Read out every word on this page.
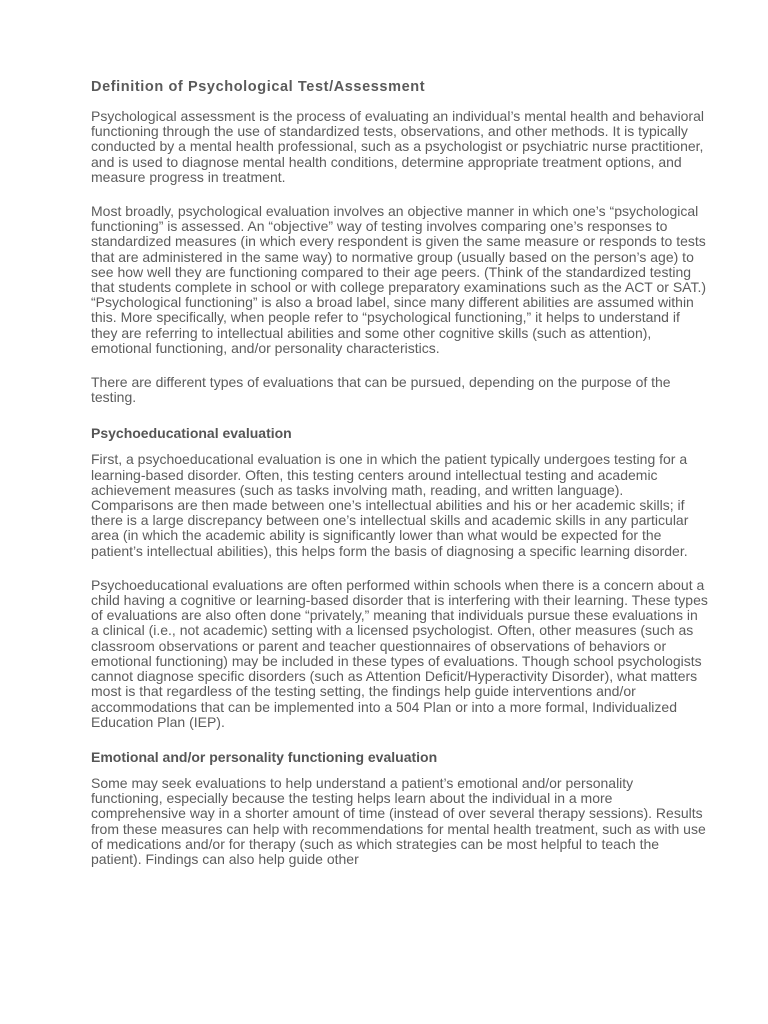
Definition of Psychological Test/Assessment

Psychological assessment is the process of evaluating an individual’s mental health and behavioral functioning through the use of standardized tests, observations, and other methods. It is typically conducted by a mental health professional, such as a psychologist or psychiatric nurse practitioner, and is used to diagnose mental health conditions, determine appropriate treatment options, and measure progress in treatment.

Most broadly, psychological evaluation involves an objective manner in which one’s “psychological functioning” is assessed. An “objective” way of testing involves comparing one’s responses to standardized measures (in which every respondent is given the same measure or responds to tests that are administered in the same way) to normative group (usually based on the person’s age) to see how well they are functioning compared to their age peers. (Think of the standardized testing that students complete in school or with college preparatory examinations such as the ACT or SAT.) “Psychological functioning” is also a broad label, since many different abilities are assumed within this. More specifically, when people refer to “psychological functioning,” it helps to understand if they are referring to intellectual abilities and some other cognitive skills (such as attention), emotional functioning, and/or personality characteristics.

There are different types of evaluations that can be pursued, depending on the purpose of the testing.

Psychoeducational evaluation

First, a psychoeducational evaluation is one in which the patient typically undergoes testing for a learning-based disorder. Often, this testing centers around intellectual testing and academic achievement measures (such as tasks involving math, reading, and written language). Comparisons are then made between one’s intellectual abilities and his or her academic skills; if there is a large discrepancy between one’s intellectual skills and academic skills in any particular area (in which the academic ability is significantly lower than what would be expected for the patient’s intellectual abilities), this helps form the basis of diagnosing a specific learning disorder.

Psychoeducational evaluations are often performed within schools when there is a concern about a child having a cognitive or learning-based disorder that is interfering with their learning. These types of evaluations are also often done “privately,” meaning that individuals pursue these evaluations in a clinical (i.e., not academic) setting with a licensed psychologist. Often, other measures (such as classroom observations or parent and teacher questionnaires of observations of behaviors or emotional functioning) may be included in these types of evaluations. Though school psychologists cannot diagnose specific disorders (such as Attention Deficit/Hyperactivity Disorder), what matters most is that regardless of the testing setting, the findings help guide interventions and/or accommodations that can be implemented into a 504 Plan or into a more formal, Individualized Education Plan (IEP).

Emotional and/or personality functioning evaluation

Some may seek evaluations to help understand a patient’s emotional and/or personality functioning, especially because the testing helps learn about the individual in a more comprehensive way in a shorter amount of time (instead of over several therapy sessions). Results from these measures can help with recommendations for mental health treatment, such as with use of medications and/or for therapy (such as which strategies can be most helpful to teach the patient). Findings can also help guide other
